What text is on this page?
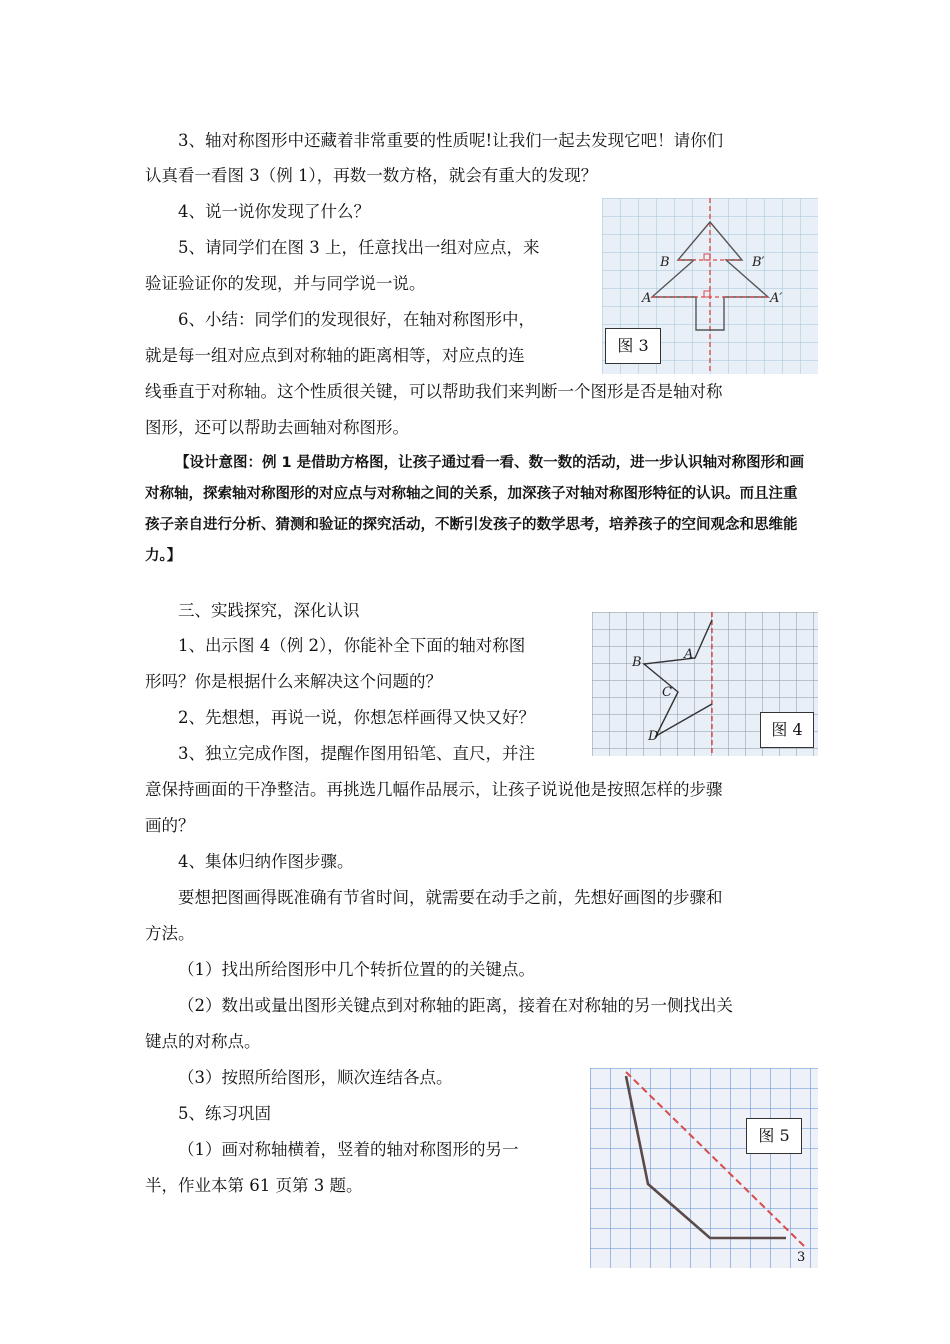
3、轴对称图形中还藏着非常重要的性质呢!让我们一起去发现它吧！请你们
认真看一看图 3（例 1），再数一数方格，就会有重大的发现？
4、说一说你发现了什么？
5、请同学们在图 3 上，任意找出一组对应点，来
验证验证你的发现，并与同学说一说。
6、小结：同学们的发现很好，在轴对称图形中，
就是每一组对应点到对称轴的距离相等，对应点的连
线垂直于对称轴。这个性质很关键，可以帮助我们来判断一个图形是否是轴对称
图形，还可以帮助去画轴对称图形。
B	B′
A	A′
图 3
【设计意图：例 1 是借助方格图，让孩子通过看一看、数一数的活动，进一步认识轴对称图形和画对称轴，探索轴对称图形的对应点与对称轴之间的关系，加深孩子对轴对称图形特征的认识。而且注重孩子亲自进行分析、猜测和验证的探究活动，不断引发孩子的数学思考，培养孩子的空间观念和思维能力。】
三、实践探究，深化认识
1、出示图 4（例 2），你能补全下面的轴对称图
形吗？你是根据什么来解决这个问题的？
2、先想想，再说一说，你想怎样画得又快又好？
3、独立完成作图，提醒作图用铅笔、直尺，并注
意保持画面的干净整洁。再挑选几幅作品展示，让孩子说说他是按照怎样的步骤
画的？
A
B
C
D	图 4
4、集体归纳作图步骤。
要想把图画得既准确有节省时间，就需要在动手之前，先想好画图的步骤和
方法。
（1）找出所给图形中几个转折位置的的关键点。
（2）数出或量出图形关键点到对称轴的距离，接着在对称轴的另一侧找出关
键点的对称点。
（3）按照所给图形，顺次连结各点。
5、练习巩固
（1）画对称轴横着，竖着的轴对称图形的另一
半，作业本第 61 页第 3 题。
图 5
3
